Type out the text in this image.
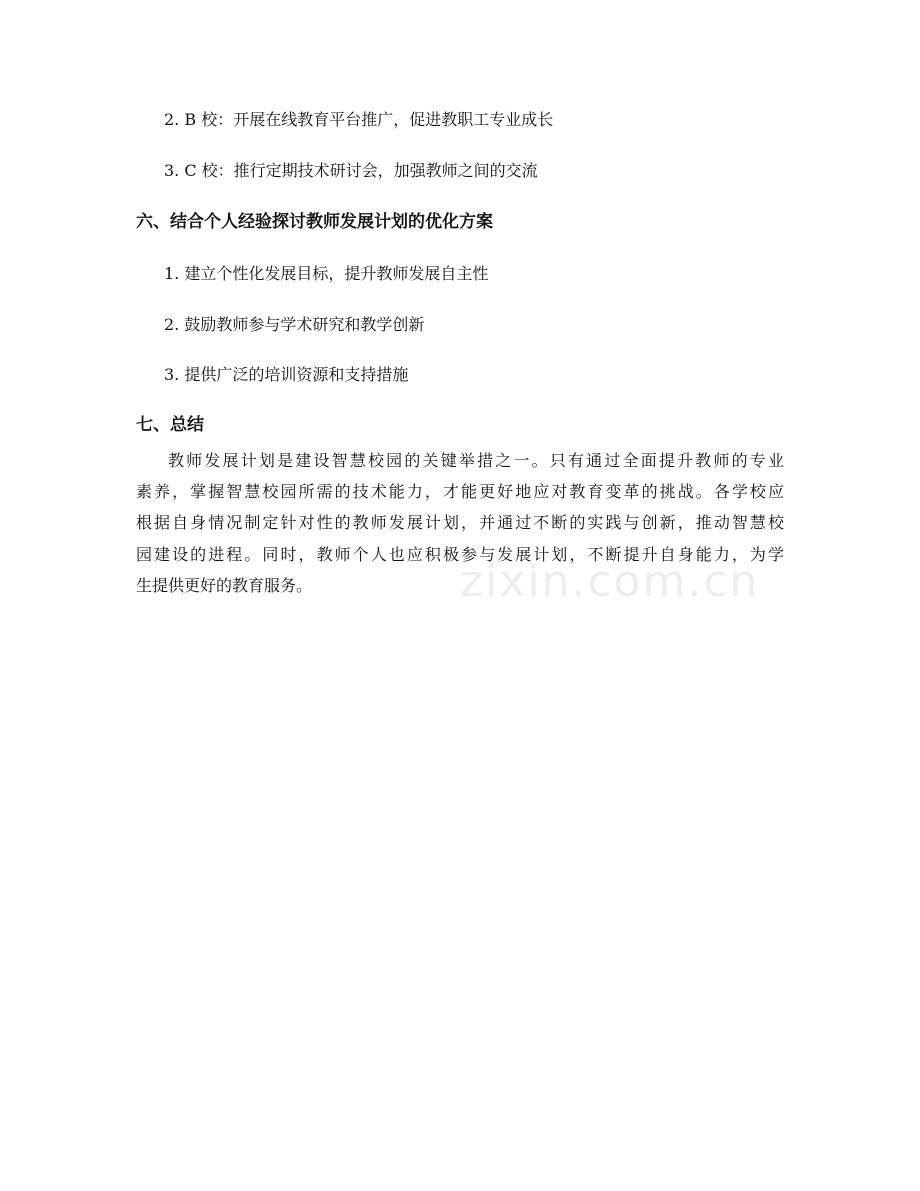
2. B 校：开展在线教育平台推广，促进教职工专业成长
3. C 校：推行定期技术研讨会，加强教师之间的交流
六、结合个人经验探讨教师发展计划的优化方案
1. 建立个性化发展目标，提升教师发展自主性
2. 鼓励教师参与学术研究和教学创新
3. 提供广泛的培训资源和支持措施
七、总结
教师发展计划是建设智慧校园的关键举措之一。只有通过全面提升教师的专业
素养，掌握智慧校园所需的技术能力，才能更好地应对教育变革的挑战。各学校应
根据自身情况制定针对性的教师发展计划，并通过不断的实践与创新，推动智慧校
园建设的进程。同时，教师个人也应积极参与发展计划，不断提升自身能力，为学
生提供更好的教育服务。	zixin.com.cn
